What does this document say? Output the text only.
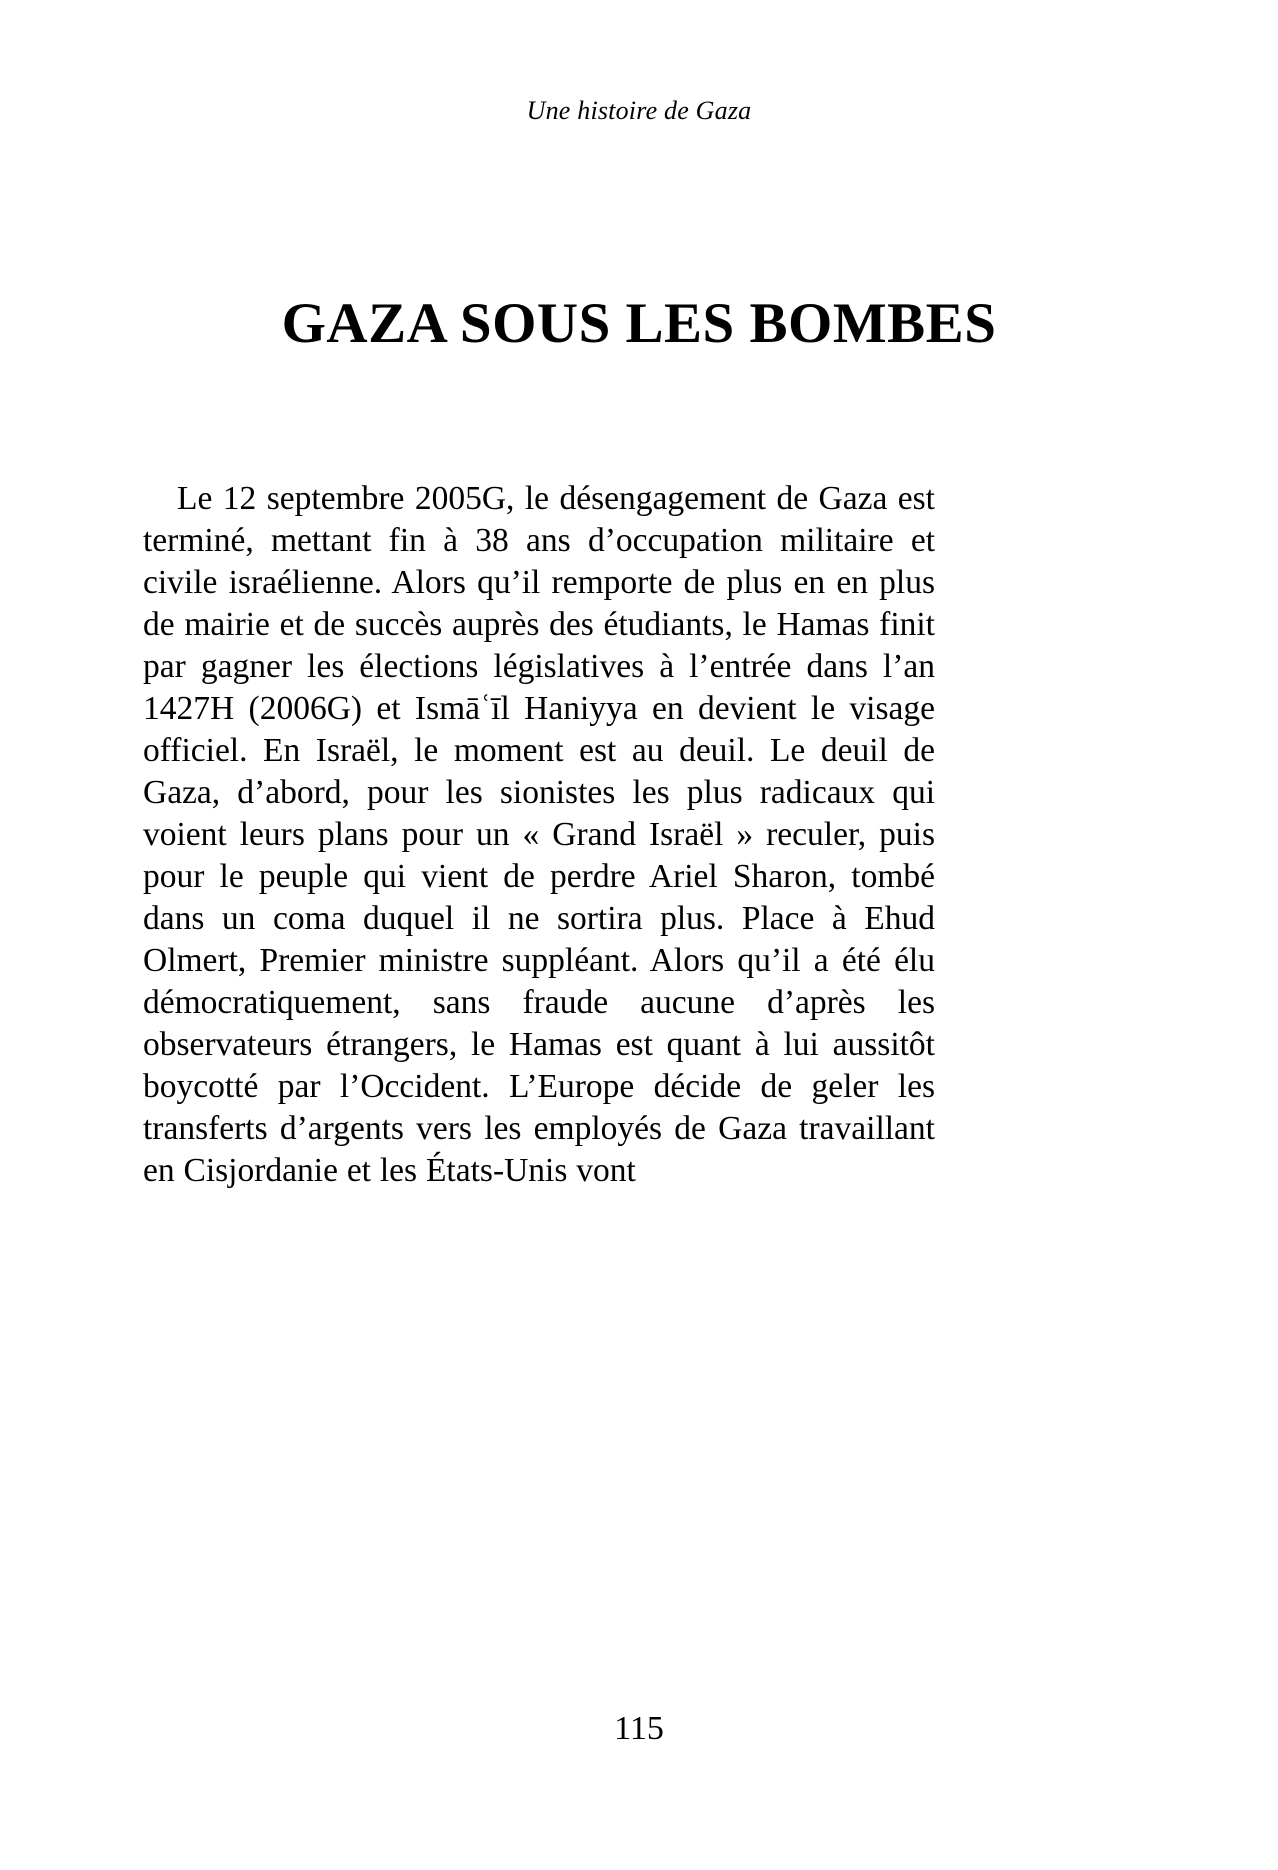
Une histoire de Gaza
GAZA SOUS LES BOMBES

Le 12 septembre 2005G, le désengagement de Gaza est terminé, mettant fin à 38 ans d’occupation militaire et civile israélienne. Alors qu’il remporte de plus en en plus de mairie et de succès auprès des étudiants, le Hamas finit par gagner les élections législatives à l’entrée dans l’an 1427H (2006G) et Ismāʿīl Haniyya en devient le visage officiel. En Israël, le moment est au deuil. Le deuil de Gaza, d’abord, pour les sionistes les plus radicaux qui voient leurs plans pour un « Grand Israël » reculer, puis pour le peuple qui vient de perdre Ariel Sharon, tombé dans un coma duquel il ne sortira plus. Place à Ehud Olmert, Premier ministre suppléant. Alors qu’il a été élu démocratiquement, sans fraude aucune d’après les observateurs étrangers, le Hamas est quant à lui aussitôt boycotté par l’Occident. L’Europe décide de geler les transferts d’argents vers les employés de Gaza travaillant en Cisjordanie et les États-Unis vont

115
